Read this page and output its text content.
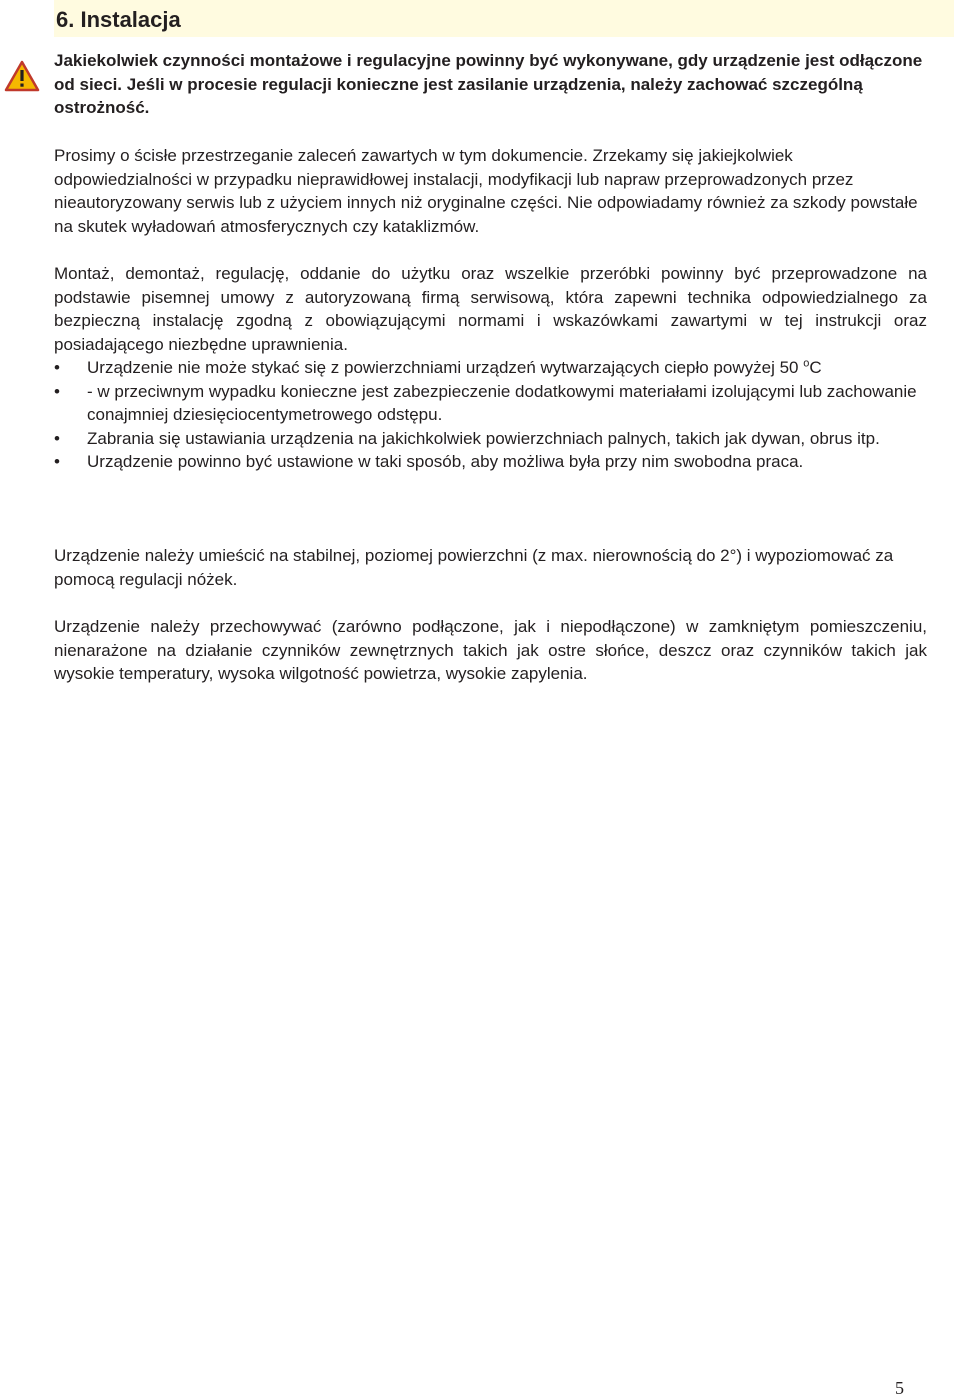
6. Instalacja

Jakiekolwiek czynności montażowe i regulacyjne powinny być wykonywane, gdy urządzenie jest odłączone od sieci. Jeśli w procesie regulacji konieczne jest zasilanie urządzenia, należy zachować szczególną ostrożność.

Prosimy o ścisłe przestrzeganie zaleceń zawartych w tym dokumencie. Zrzekamy się jakiejkolwiek odpowiedzialności w przypadku nieprawidłowej instalacji, modyfikacji lub napraw przeprowadzonych przez nieautoryzowany serwis lub z użyciem innych niż oryginalne części. Nie odpowiadamy również za szkody powstałe na skutek wyładowań atmosferycznych czy kataklizmów.

Montaż, demontaż, regulację, oddanie do użytku oraz wszelkie przeróbki powinny być przeprowadzone na podstawie pisemnej umowy z autoryzowaną firmą serwisową, która zapewni technika odpowiedzialnego za bezpieczną instalację zgodną z obowiązującymi normami i wskazówkami zawartymi w tej instrukcji oraz posiadającego niezbędne uprawnienia.

• Urządzenie nie może stykać się z powierzchniami urządzeń wytwarzających ciepło powyżej 50 $^o$C
• - w przeciwnym wypadku konieczne jest zabezpieczenie dodatkowymi materiałami izolującymi lub zachowanie conajmniej dziesięciocentymetrowego odstępu.
• Zabrania się ustawiania urządzenia na jakichkolwiek powierzchniach palnych, takich jak dywan, obrus itp.
• Urządzenie powinno być ustawione w taki sposób, aby możliwa była przy nim swobodna praca.

Urządzenie należy umieścić na stabilnej, poziomej powierzchni (z max. nierownością do 2°) i wypoziomować za pomocą regulacji nóżek.

Urządzenie należy przechowywać (zarówno podłączone, jak i niepodłączone) w zamkniętym pomieszczeniu, nienarażone na działanie czynników zewnętrznych takich jak ostre słońce, deszcz oraz czynników takich jak wysokie temperatury, wysoka wilgotność powietrza, wysokie zapylenia.

5
